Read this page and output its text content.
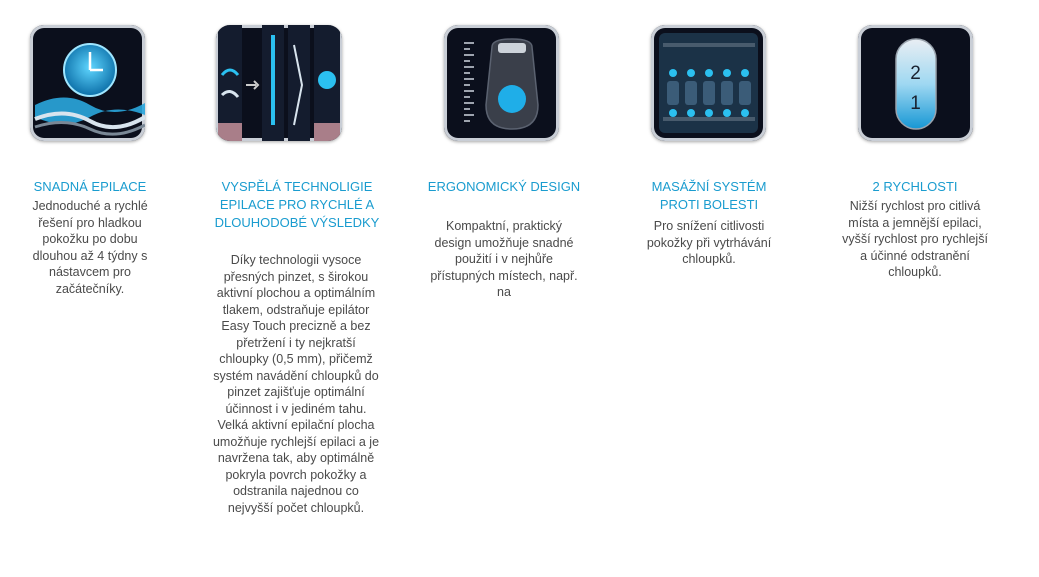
SNADNÁ EPILACE
Jednoduché a rychlé řešení pro hladkou pokožku po dobu dlouhou až 4 týdny s nástavcem pro začátečníky.
VYSPĚLÁ TECHNOLIGIE EPILACE PRO RYCHLÉ A DLOUHODOBÉ VÝSLEDKY
Díky technologii vysoce přesných pinzet, s širokou aktivní plochou a optimálním tlakem, odstraňuje epilátor Easy Touch precizně a bez přetržení i ty nejkratší chloupky (0,5 mm), přičemž systém navádění chloupků do pinzet zajišťuje optimální účinnost i v jediném tahu. Velká aktivní epilační plocha umožňuje rychlejší epilaci a je navržena tak, aby optimálně pokryla povrch pokožky a odstranila najednou co nejvyšší počet chloupků.
ERGONOMICKÝ DESIGN
Kompaktní, praktický design umožňuje snadné použití i v nejhůře přístupných místech, např. na
MASÁŽNÍ SYSTÉM PROTI BOLESTI
Pro snížení citlivosti pokožky při vytrhávání chloupků.
2
1
2 RYCHLOSTI
Nižší rychlost pro citlivá místa a jemnější epilaci, vyšší rychlost pro rychlejší a účinné odstranění chloupků.
